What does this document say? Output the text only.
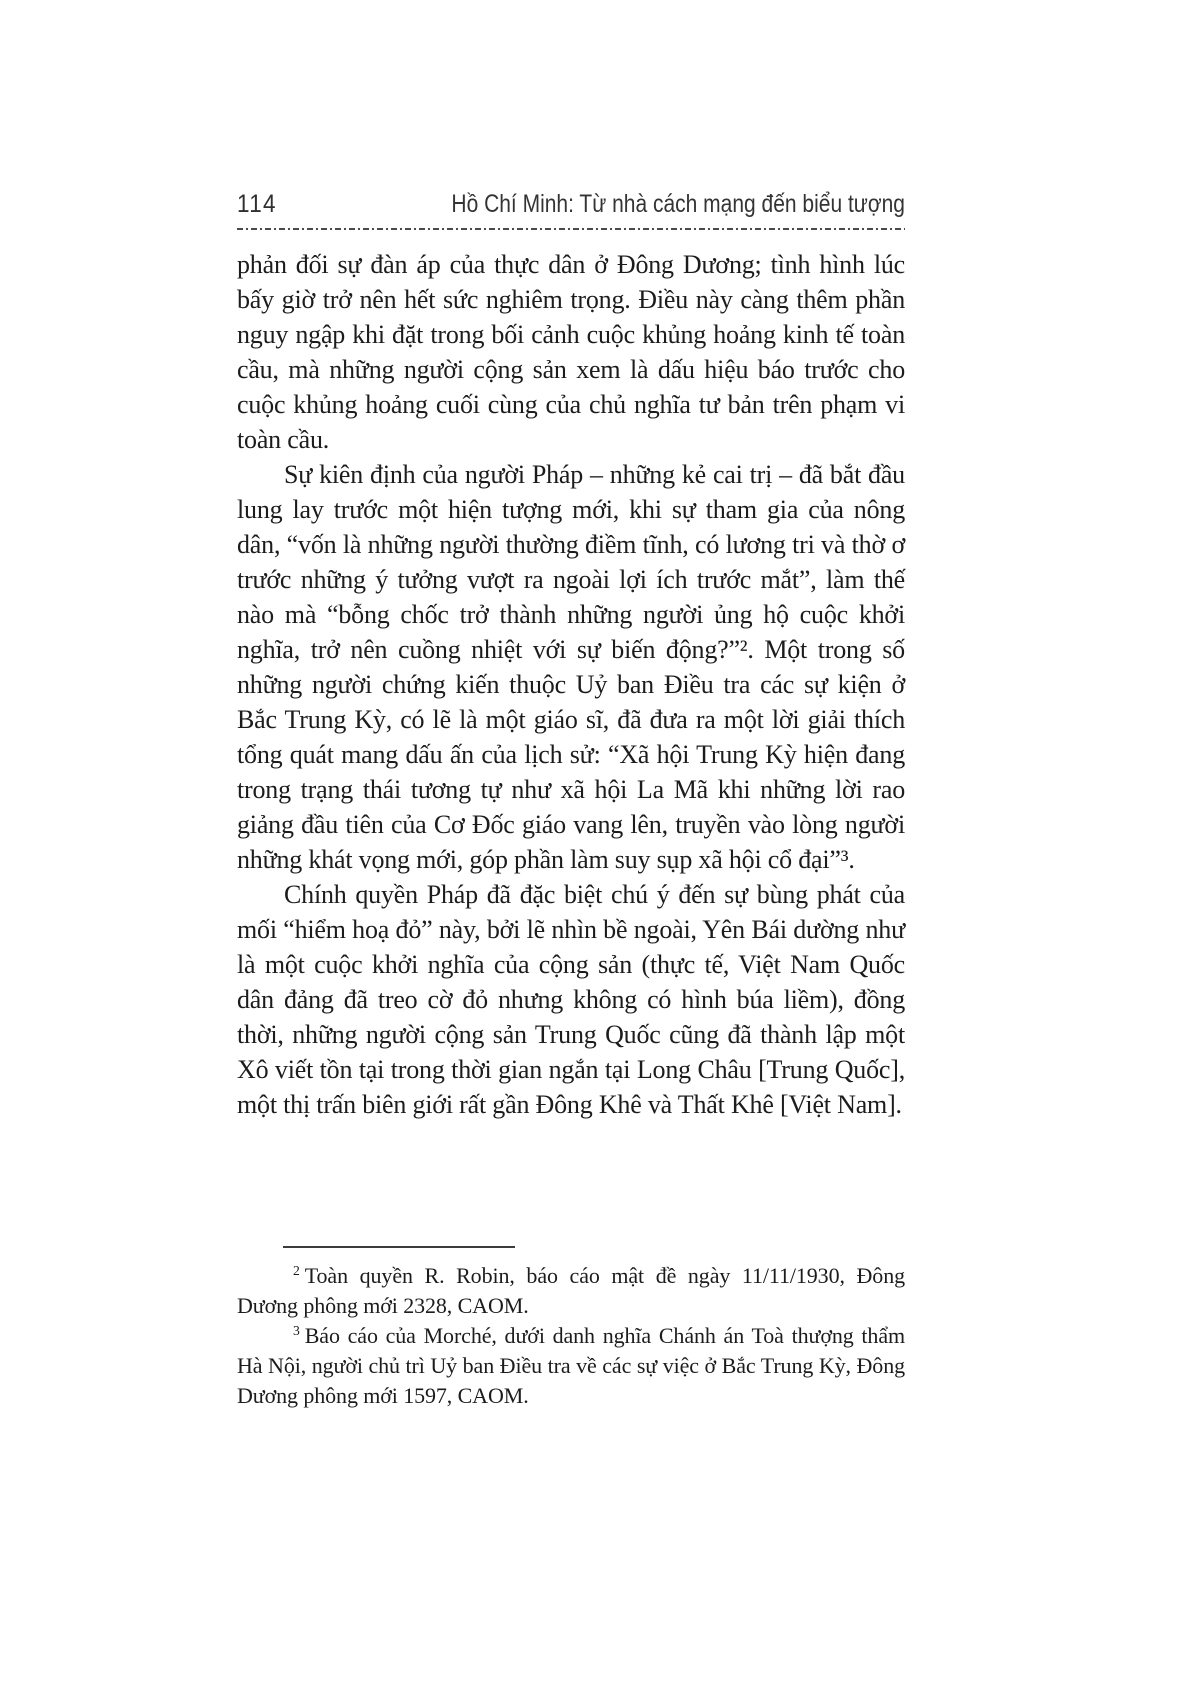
114	Hồ Chí Minh: Từ nhà cách mạng đến biểu tượng

phản đối sự đàn áp của thực dân ở Đông Dương; tình hình lúc bấy giờ trở nên hết sức nghiêm trọng. Điều này càng thêm phần nguy ngập khi đặt trong bối cảnh cuộc khủng hoảng kinh tế toàn cầu, mà những người cộng sản xem là dấu hiệu báo trước cho cuộc khủng hoảng cuối cùng của chủ nghĩa tư bản trên phạm vi toàn cầu.

Sự kiên định của người Pháp – những kẻ cai trị – đã bắt đầu lung lay trước một hiện tượng mới, khi sự tham gia của nông dân, “vốn là những người thường điềm tĩnh, có lương tri và thờ ơ trước những ý tưởng vượt ra ngoài lợi ích trước mắt”, làm thế nào mà “bỗng chốc trở thành những người ủng hộ cuộc khởi nghĩa, trở nên cuồng nhiệt với sự biến động?”². Một trong số những người chứng kiến thuộc Uỷ ban Điều tra các sự kiện ở Bắc Trung Kỳ, có lẽ là một giáo sĩ, đã đưa ra một lời giải thích tổng quát mang dấu ấn của lịch sử: “Xã hội Trung Kỳ hiện đang trong trạng thái tương tự như xã hội La Mã khi những lời rao giảng đầu tiên của Cơ Đốc giáo vang lên, truyền vào lòng người những khát vọng mới, góp phần làm suy sụp xã hội cổ đại”³.

Chính quyền Pháp đã đặc biệt chú ý đến sự bùng phát của mối “hiểm hoạ đỏ” này, bởi lẽ nhìn bề ngoài, Yên Bái dường như là một cuộc khởi nghĩa của cộng sản (thực tế, Việt Nam Quốc dân đảng đã treo cờ đỏ nhưng không có hình búa liềm), đồng thời, những người cộng sản Trung Quốc cũng đã thành lập một Xô viết tồn tại trong thời gian ngắn tại Long Châu [Trung Quốc], một thị trấn biên giới rất gần Đông Khê và Thất Khê [Việt Nam].

$^2$ Toàn quyền R. Robin, báo cáo mật đề ngày 11/11/1930, Đông Dương phông mới 2328, CAOM.

$^3$ Báo cáo của Morché, dưới danh nghĩa Chánh án Toà thượng thẩm Hà Nội, người chủ trì Uỷ ban Điều tra về các sự việc ở Bắc Trung Kỳ, Đông Dương phông mới 1597, CAOM.
